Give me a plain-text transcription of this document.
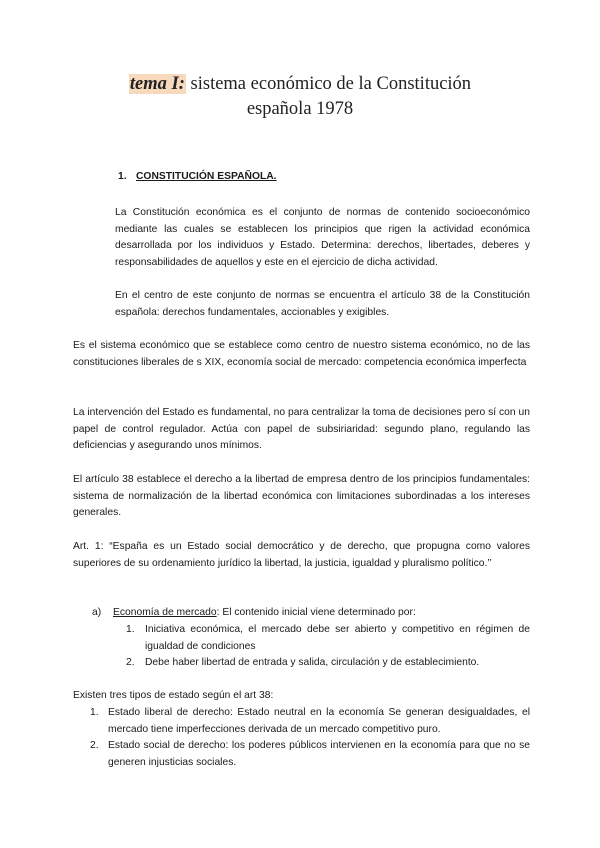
tema I: sistema económico de la Constitución
española 1978
1. CONSTITUCIÓN ESPAÑOLA.

La Constitución económica es el conjunto de normas de contenido socioeconómico mediante las cuales se establecen los principios que rigen la actividad económica desarrollada por los individuos y Estado. Determina: derechos, libertades, deberes y responsabilidades de aquellos y este en el ejercicio de dicha actividad.

En el centro de este conjunto de normas se encuentra el artículo 38 de la Constitución española: derechos fundamentales, accionables y exigibles.

Es el sistema económico que se establece como centro de nuestro sistema económico, no de las constituciones liberales de s XIX, economía social de mercado: competencia económica imperfecta
La intervención del Estado es fundamental, no para centralizar la toma de decisiones pero sí con un papel de control regulador. Actúa con papel de subsiriaridad: segundo plano, regulando las deficiencias y asegurando unos mínimos.
El artículo 38 establece el derecho a la libertad de empresa dentro de los principios fundamentales: sistema de normalización de la libertad económica con limitaciones subordinadas a los intereses generales.
Art. 1: “España es un Estado social democrático y de derecho, que propugna como valores superiores de su ordenamiento jurídico la libertad, la justicia, igualdad y pluralismo político.’’
a) Economía de mercado: El contenido inicial viene determinado por:
1. Iniciativa económica, el mercado debe ser abierto y competitivo en régimen de igualdad de condiciones
2. Debe haber libertad de entrada y salida, circulación y de establecimiento.
Existen tres tipos de estado según el art 38:
1. Estado liberal de derecho: Estado neutral en la economía Se generan desigualdades, el mercado tiene imperfecciones derivada de un mercado competitivo puro.
2. Estado social de derecho: los poderes públicos intervienen en la economía para que no se generen injusticias sociales.
